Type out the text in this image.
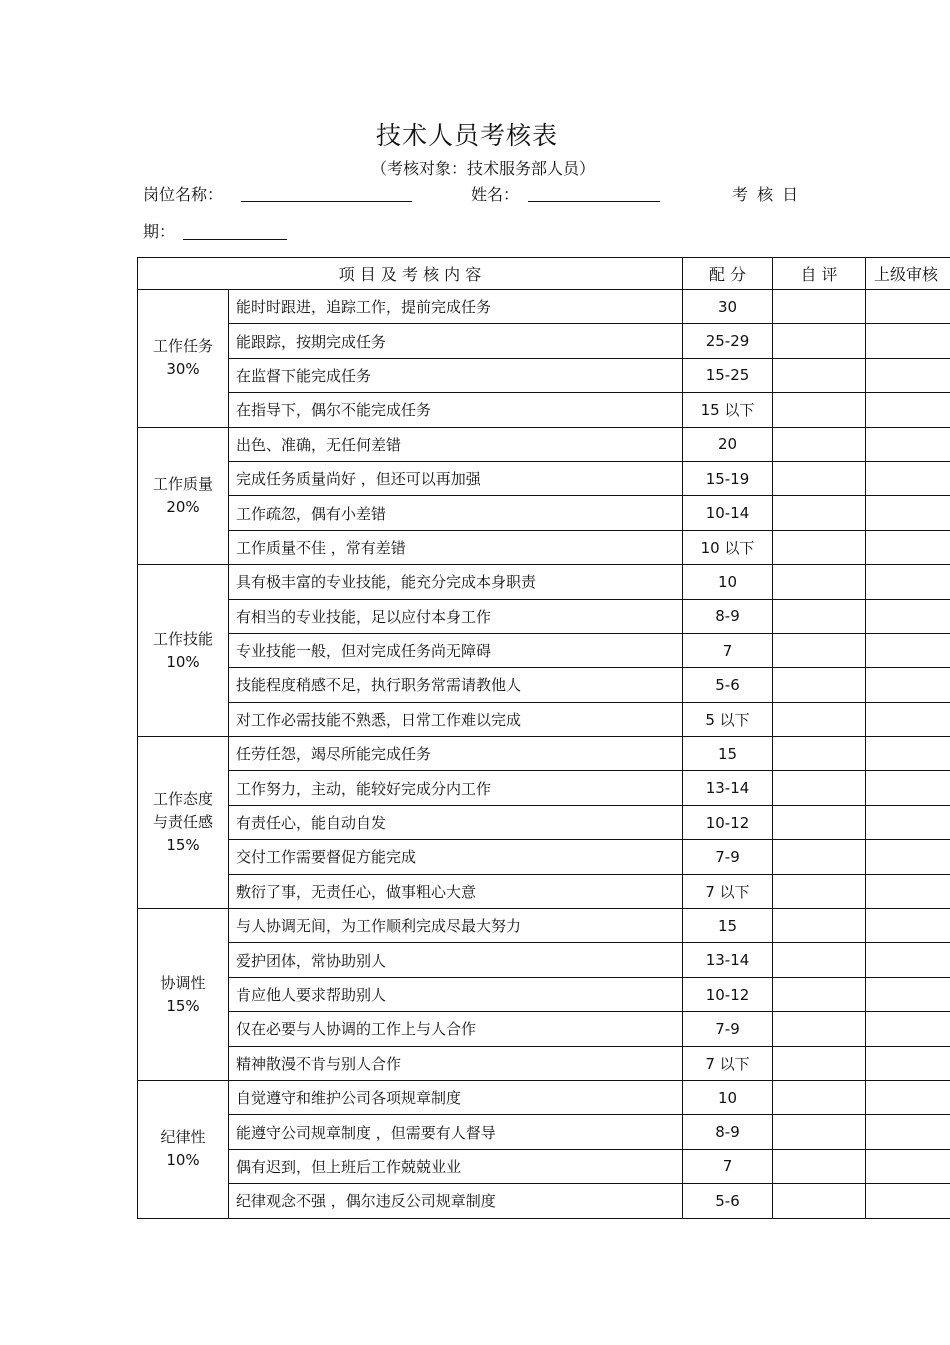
技术人员考核表
（考核对象：技术服务部人员）
岗位名称：	姓名：	考 核 日
期：
项 目 及 考 核 内 容		配 分	自 评	上级审核

工作任务
30%	能时时跟进，追踪工作，提前完成任务	30		
	能跟踪，按期完成任务	25-29		
	在监督下能完成任务	15-25		
	在指导下，偶尔不能完成任务	15 以下		

工作质量
20%	出色、准确，无任何差错	20		
	完成任务质量尚好 ，但还可以再加强	15-19		
	工作疏忽，偶有小差错	10-14		
	工作质量不佳 ，常有差错	10 以下		

工作技能
10%	具有极丰富的专业技能，能充分完成本身职责	10		
	有相当的专业技能，足以应付本身工作	8-9		
	专业技能一般，但对完成任务尚无障碍	7		
	技能程度稍感不足，执行职务常需请教他人	5-6		
	对工作必需技能不熟悉，日常工作难以完成	5 以下		

工作态度
与责任感
15%	任劳任怨，竭尽所能完成任务	15		
	工作努力，主动，能较好完成分内工作	13-14		
	有责任心，能自动自发	10-12		
	交付工作需要督促方能完成	7-9		
	敷衍了事，无责任心，做事粗心大意	7 以下		

协调性
15%	与人协调无间，为工作顺利完成尽最大努力	15		
	爱护团体，常协助别人	13-14		
	肯应他人要求帮助别人	10-12		
	仅在必要与人协调的工作上与人合作	7-9		
	精神散漫不肯与别人合作	7 以下		

纪律性
10%	自觉遵守和维护公司各项规章制度	10		
	能遵守公司规章制度 ，但需要有人督导	8-9		
	偶有迟到，但上班后工作兢兢业业	7		
	纪律观念不强 ，偶尔违反公司规章制度	5-6		
